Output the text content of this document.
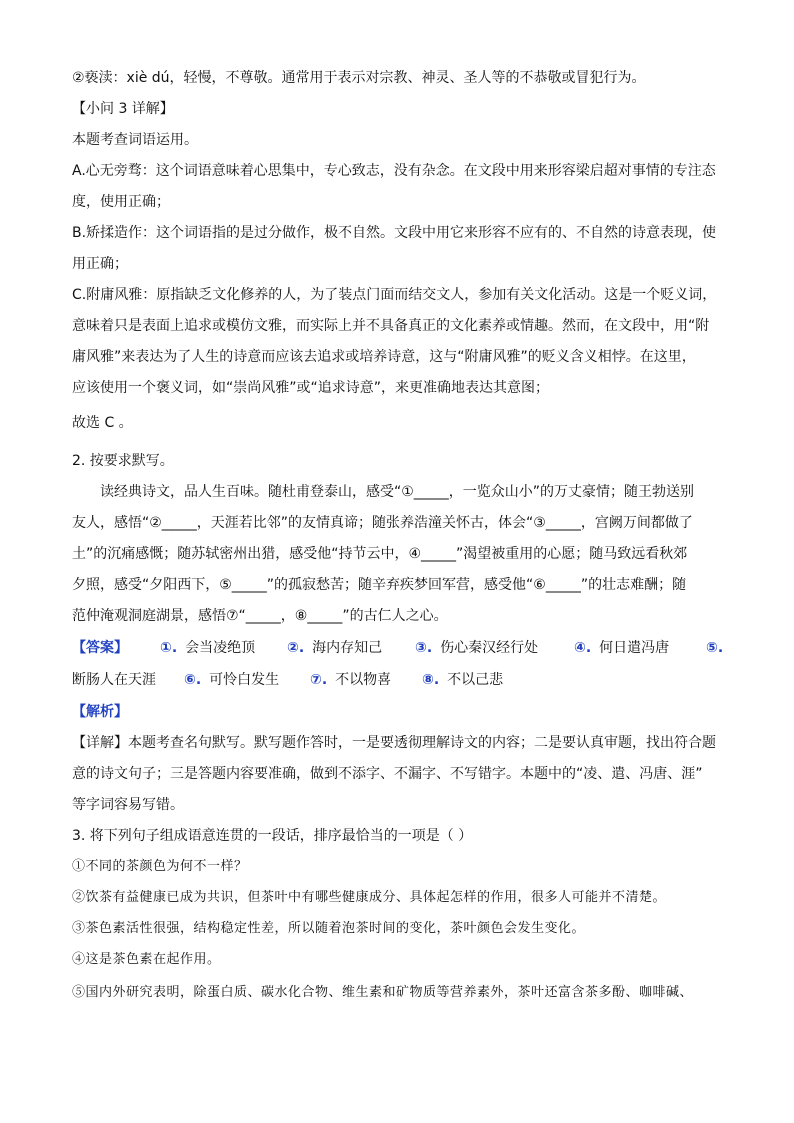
②亵渎：xiè dú，轻慢，不尊敬。通常用于表示对宗教、神灵、圣人等的不恭敬或冒犯行为。
【小问 3 详解】
本题考查词语运用。
A.心无旁骛：这个词语意味着心思集中，专心致志，没有杂念。在文段中用来形容梁启超对事情的专注态
度，使用正确；
B.矫揉造作：这个词语指的是过分做作，极不自然。文段中用它来形容不应有的、不自然的诗意表现，使
用正确；
C.附庸风雅：原指缺乏文化修养的人，为了装点门面而结交文人，参加有关文化活动。这是一个贬义词，
意味着只是表面上追求或模仿文雅，而实际上并不具备真正的文化素养或情趣。然而，在文段中，用“附
庸风雅”来表达为了人生的诗意而应该去追求或培养诗意，这与“附庸风雅”的贬义含义相悖。在这里，
应该使用一个褒义词，如“崇尚风雅”或“追求诗意”，来更准确地表达其意图；
故选 C 。
2. 按要求默写。
读经典诗文，品人生百味。随杜甫登泰山，感受“①_____，一览众山小”的万丈豪情；随王勃送别
友人，感悟“②_____，天涯若比邻”的友情真谛；随张养浩潼关怀古，体会“③_____，宫阙万间都做了
土”的沉痛感慨；随苏轼密州出猎，感受他“持节云中，④_____”渴望被重用的心愿；随马致远看秋郊
夕照，感受“夕阳西下，⑤_____”的孤寂愁苦；随辛弃疾梦回军营，感受他“⑥_____”的壮志难酬；随
范仲淹观洞庭湖景，感悟⑦“_____，⑧_____”的古仁人之心。
【答案】 ①. 会当凌绝顶 ②. 海内存知己 ③. 伤心秦汉经行处	④. 何日遣冯唐	⑤.
断肠人在天涯 ⑥. 可怜白发生 ⑦. 不以物喜 ⑧. 不以己悲
【解析】
【详解】本题考查名句默写。默写题作答时，一是要透彻理解诗文的内容；二是要认真审题，找出符合题
意的诗文句子；三是答题内容要准确，做到不添字、不漏字、不写错字。本题中的“凌、遣、冯唐、涯”
等字词容易写错。
3. 将下列句子组成语意连贯的一段话，排序最恰当的一项是（ ）
①不同的茶颜色为何不一样？
②饮茶有益健康已成为共识，但茶叶中有哪些健康成分、具体起怎样的作用，很多人可能并不清楚。
③茶色素活性很强，结构稳定性差，所以随着泡茶时间的变化，茶叶颜色会发生变化。
④这是茶色素在起作用。
⑤国内外研究表明，除蛋白质、碳水化合物、维生素和矿物质等营养素外，茶叶还富含茶多酚、咖啡碱、
